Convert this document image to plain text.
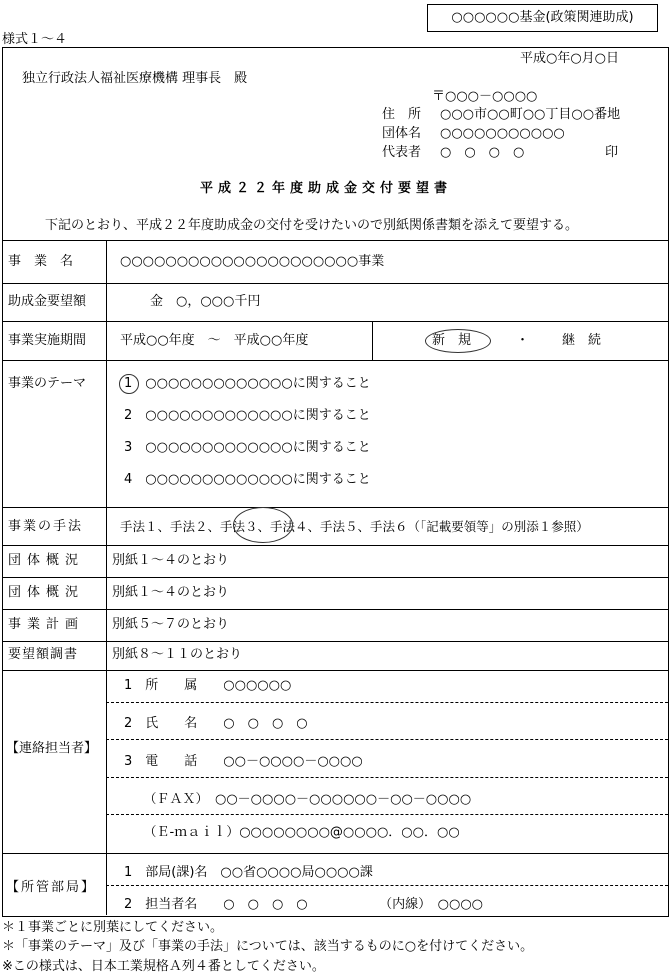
○○○○○○基金(政策関連助成)
様式１～４
平成○年○月○日
独立行政法人福祉医療機構 理事長　殿
〒○○○－○○○○
住　所 ○○○市○○町○○丁目○○番地
団体名 ○○○○○○○○○○○
代表者 ○　○　○　○	印
平成２２年度助成金交付要望書
下記のとおり、平成２２年度助成金の交付を受けたいので別紙関係書類を添えて要望する。
事　業　名	○○○○○○○○○○○○○○○○○○○○○事業
助成金要望額	金　○，○○○千円
事業実施期間	平成○○年度　～　平成○○年度	新　規	・	継　続
事業のテーマ	1　○○○○○○○○○○○○○に関すること
2　○○○○○○○○○○○○○に関すること
3　○○○○○○○○○○○○○に関すること
4　○○○○○○○○○○○○○に関すること
事業の手法	手法１、手法２、手法３、手法４、手法５、手法６（「記載要領等」の別添１参照）
団体概況 別紙１～４のとおり
団体概況 別紙１～４のとおり
事業計画 別紙５～７のとおり
要望額調書	別紙８～１１のとおり
【連絡担当者】
1　所　　属　　○○○○○○
2　氏　　名　　○　○　○　○
3　電　　話　　○○－○○○○－○○○○
　　（ＦＡＸ）　○○－○○○○－○○○○○○－○○－○○○○
　　（Ｅ-ｍａｉｌ）○○○○○○○○@○○○○．○○．○○
【所管部局】
1　部局(課)名　○○省○○○○局○○○○課
2　担当者名　　○　○　○　○　　　　　　（内線）　○○○○
＊１事業ごとに別葉にしてください。
＊「事業のテーマ」及び「事業の手法」については、該当するものに○を付けてください。
※この様式は、日本工業規格Ａ列４番としてください。
